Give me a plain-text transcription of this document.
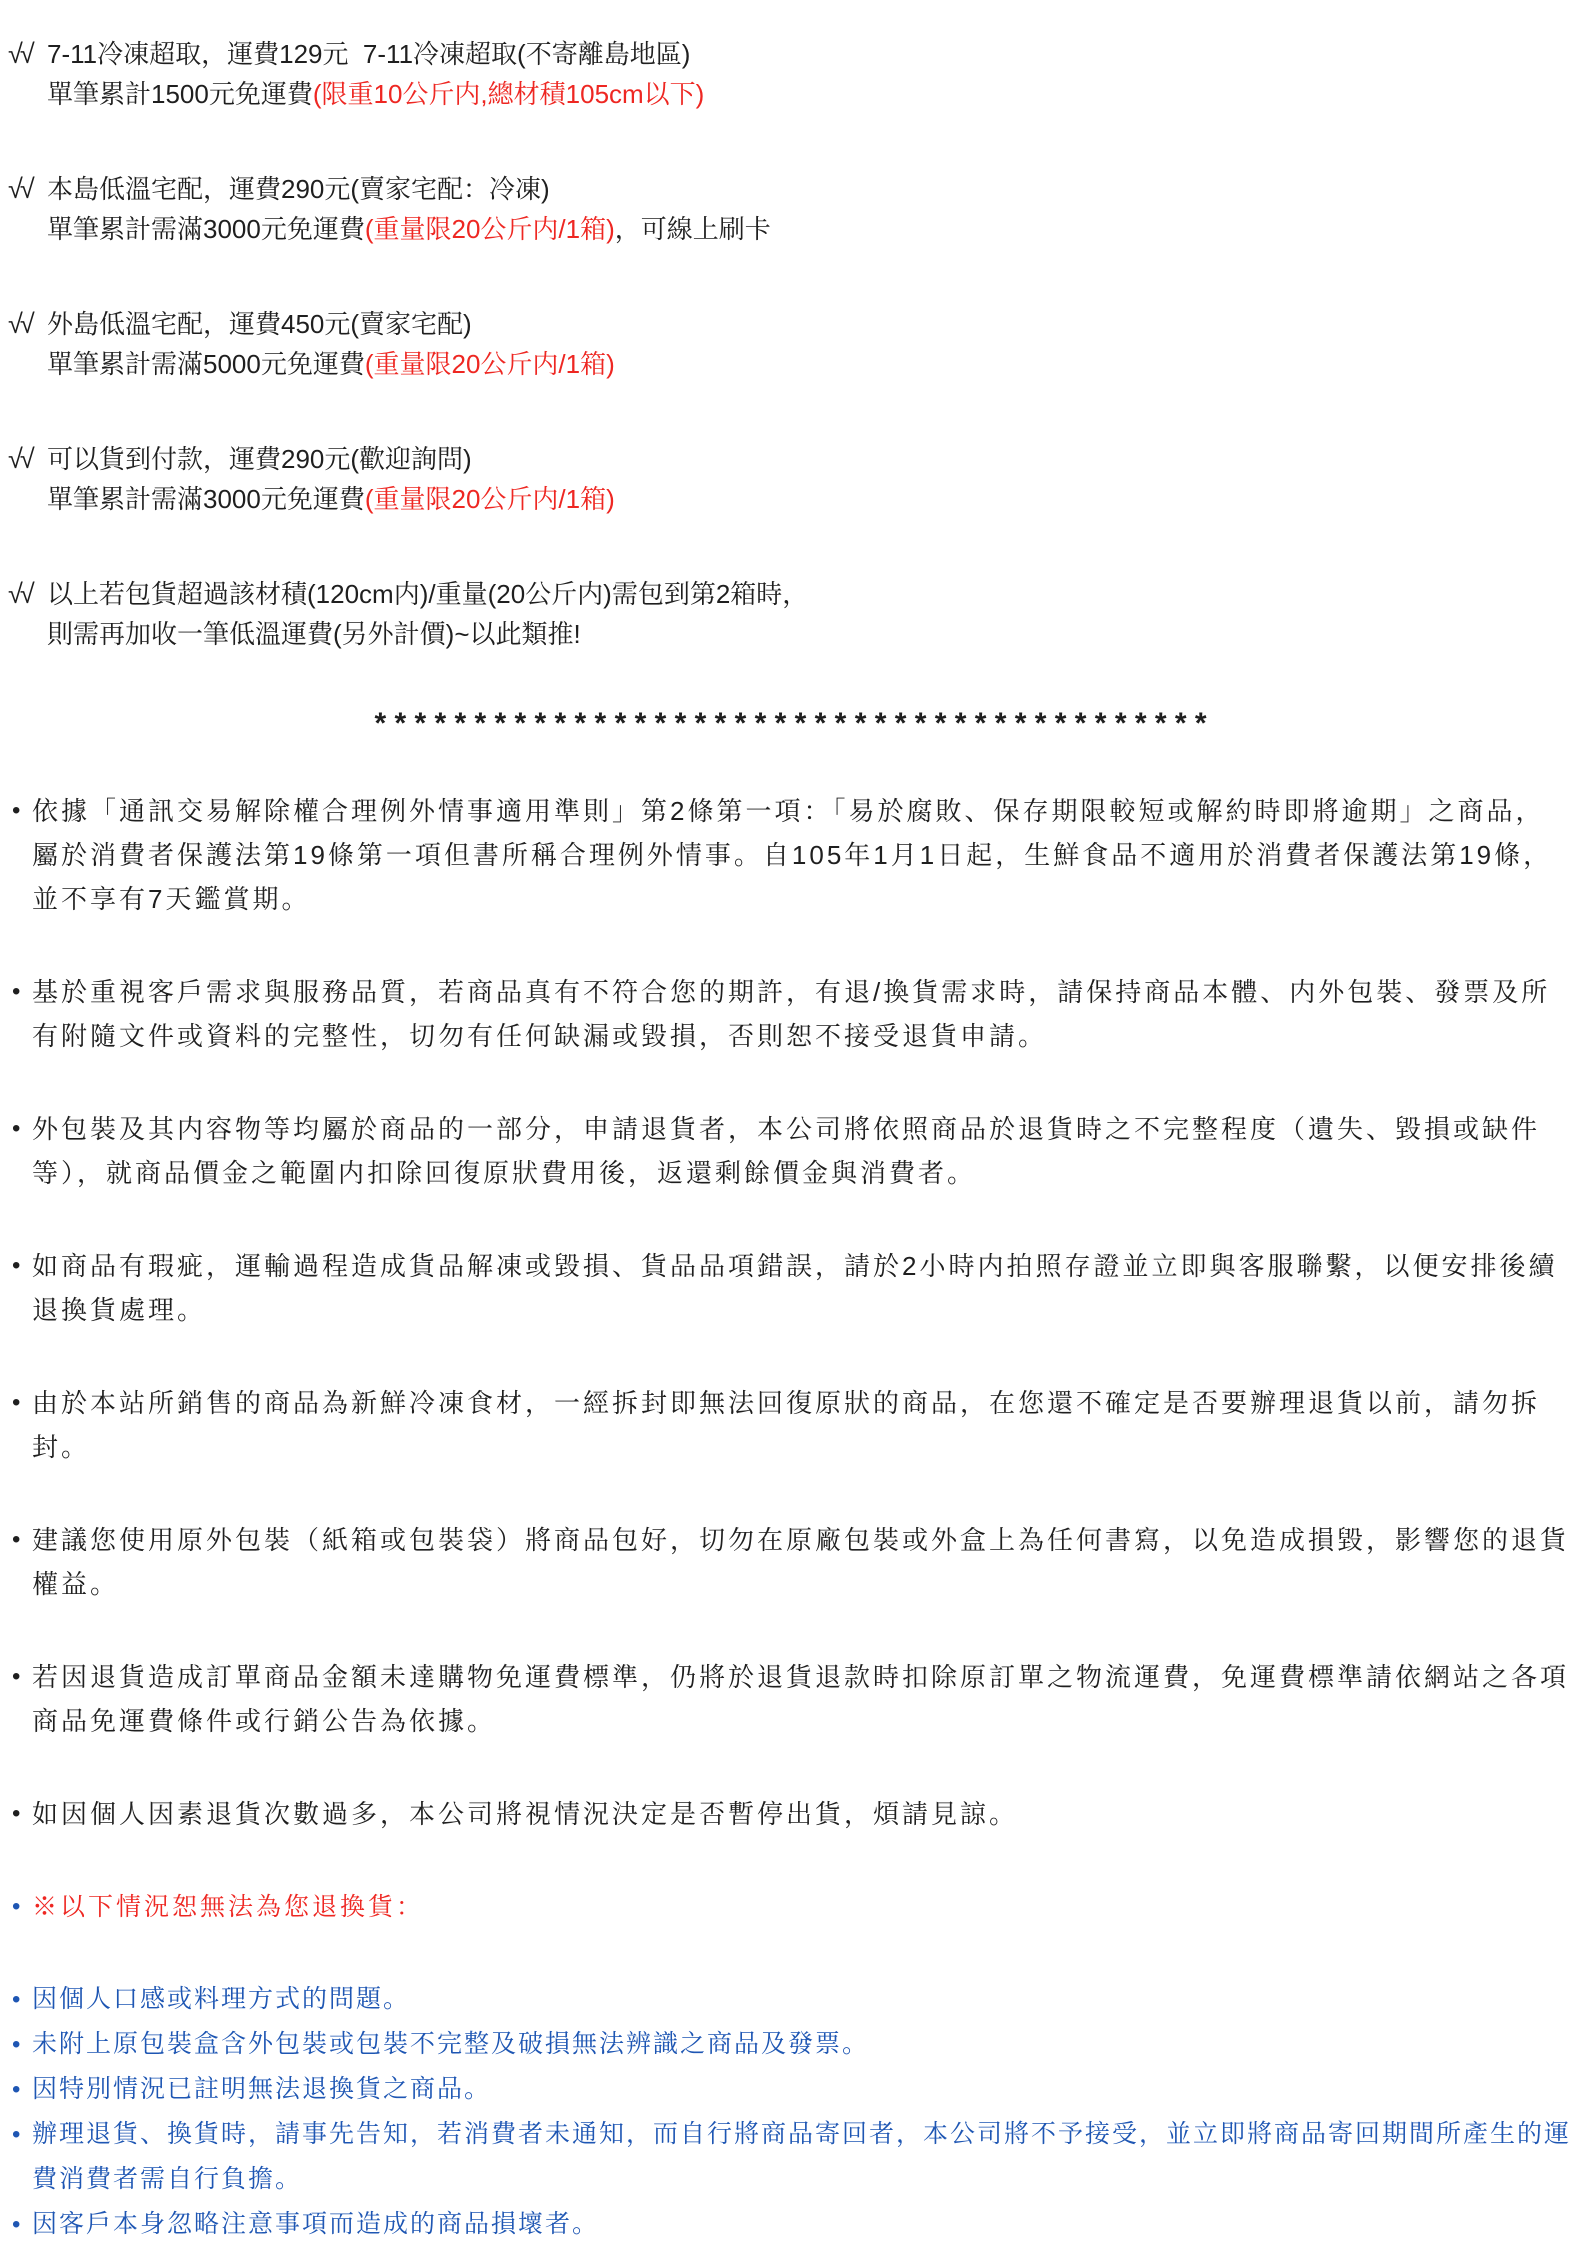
√√ 7-11冷凍超取，運費129元  7-11冷凍超取(不寄離島地區)
單筆累計1500元免運費(限重10公斤内,總材積105cm以下)
√√ 本島低溫宅配，運費290元(賣家宅配：冷凍)
單筆累計需滿3000元免運費(重量限20公斤内/1箱)，可線上刷卡
√√ 外島低溫宅配，運費450元(賣家宅配)
單筆累計需滿5000元免運費(重量限20公斤内/1箱)
√√ 可以貨到付款，運費290元(歡迎詢問)
單筆累計需滿3000元免運費(重量限20公斤内/1箱)
√√ 以上若包貨超過該材積(120cm内)/重量(20公斤内)需包到第2箱時，
則需再加收一筆低溫運費(另外計價)~以此類推!
* * * * * * * * * * * * * * * * * * * * * * * * * * * * * * * * * * * * * * * * * *
• 依據「通訊交易解除權合理例外情事適用準則」第2條第一項：「易於腐敗、保存期限較短或解約時即將逾期」之商品，屬於消費者保護法第19條第一項但書所稱合理例外情事。自105年1月1日起，生鮮食品不適用於消費者保護法第19條，並不享有7天鑑賞期。
• 基於重視客戶需求與服務品質，若商品真有不符合您的期許，有退/換貨需求時，請保持商品本體、内外包裝、發票及所有附隨文件或資料的完整性，切勿有任何缺漏或毀損，否則恕不接受退貨申請。
• 外包裝及其内容物等均屬於商品的一部分，申請退貨者，本公司將依照商品於退貨時之不完整程度（遺失、毀損或缺件等），就商品價金之範圍内扣除回復原狀費用後，返還剩餘價金與消費者。
• 如商品有瑕疵，運輸過程造成貨品解凍或毀損、貨品品項錯誤，請於2小時内拍照存證並立即與客服聯繫，以便安排後續退換貨處理。
• 由於本站所銷售的商品為新鮮冷凍食材，一經拆封即無法回復原狀的商品，在您還不確定是否要辦理退貨以前，請勿拆封。
• 建議您使用原外包裝（紙箱或包裝袋）將商品包好，切勿在原廠包裝或外盒上為任何書寫，以免造成損毀，影響您的退貨權益。
• 若因退貨造成訂單商品金額未達購物免運費標準，仍將於退貨退款時扣除原訂單之物流運費，免運費標準請依網站之各項商品免運費條件或行銷公告為依據。
• 如因個人因素退貨次數過多，本公司將視情況決定是否暫停出貨，煩請見諒。
• ※以下情況恕無法為您退換貨：
• 因個人口感或料理方式的問題。
• 未附上原包裝盒含外包裝或包裝不完整及破損無法辨識之商品及發票。
• 因特別情況已註明無法退換貨之商品。
• 辦理退貨、換貨時，請事先告知，若消費者未通知，而自行將商品寄回者，本公司將不予接受，並立即將商品寄回期間所產生的運費消費者需自行負擔。
• 因客戶本身忽略注意事項而造成的商品損壞者。
